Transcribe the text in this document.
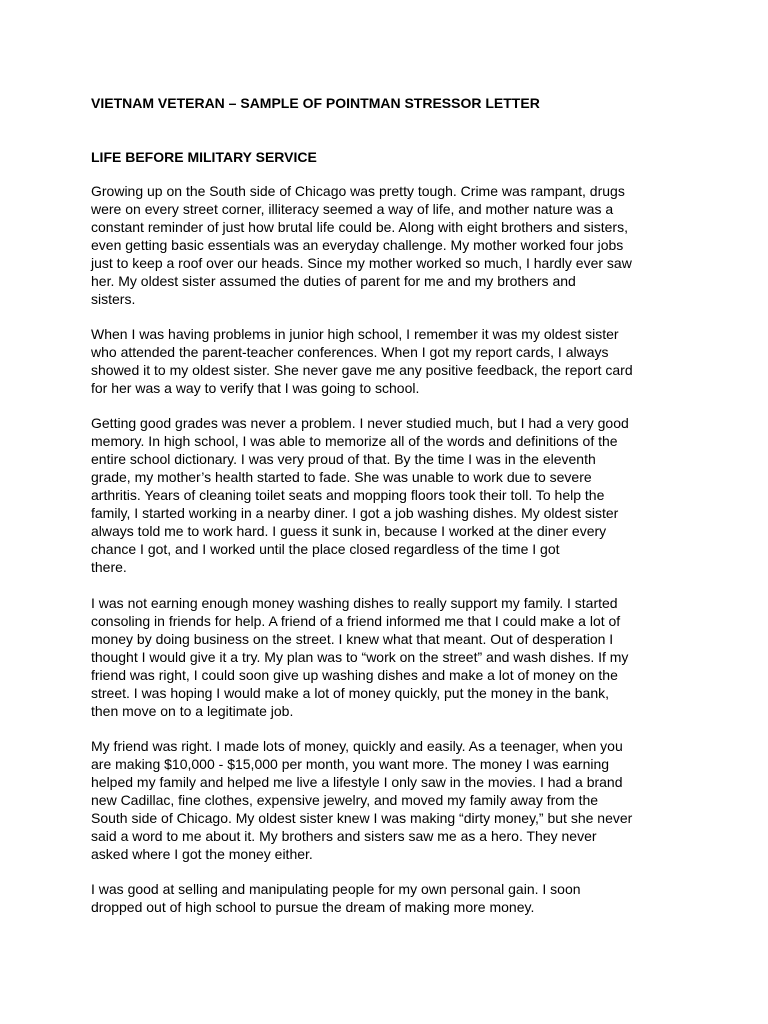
VIETNAM VETERAN – SAMPLE OF POINTMAN STRESSOR LETTER
LIFE BEFORE MILITARY SERVICE

Growing up on the South side of Chicago was pretty tough. Crime was rampant, drugs
were on every street corner, illiteracy seemed a way of life, and mother nature was a
constant reminder of just how brutal life could be. Along with eight brothers and sisters,
even getting basic essentials was an everyday challenge. My mother worked four jobs
just to keep a roof over our heads. Since my mother worked so much, I hardly ever saw
her. My oldest sister assumed the duties of parent for me and my brothers and
sisters.

When I was having problems in junior high school, I remember it was my oldest sister
who attended the parent-teacher conferences. When I got my report cards, I always
showed it to my oldest sister. She never gave me any positive feedback, the report card
for her was a way to verify that I was going to school.

Getting good grades was never a problem. I never studied much, but I had a very good
memory. In high school, I was able to memorize all of the words and definitions of the
entire school dictionary. I was very proud of that. By the time I was in the eleventh
grade, my mother’s health started to fade. She was unable to work due to severe
arthritis. Years of cleaning toilet seats and mopping floors took their toll. To help the
family, I started working in a nearby diner. I got a job washing dishes. My oldest sister
always told me to work hard. I guess it sunk in, because I worked at the diner every
chance I got, and I worked until the place closed regardless of the time I got
there.

I was not earning enough money washing dishes to really support my family. I started
consoling in friends for help. A friend of a friend informed me that I could make a lot of
money by doing business on the street. I knew what that meant. Out of desperation I
thought I would give it a try. My plan was to “work on the street” and wash dishes. If my
friend was right, I could soon give up washing dishes and make a lot of money on the
street. I was hoping I would make a lot of money quickly, put the money in the bank,
then move on to a legitimate job.

My friend was right. I made lots of money, quickly and easily. As a teenager, when you
are making $10,000 - $15,000 per month, you want more. The money I was earning
helped my family and helped me live a lifestyle I only saw in the movies. I had a brand
new Cadillac, fine clothes, expensive jewelry, and moved my family away from the
South side of Chicago. My oldest sister knew I was making “dirty money,” but she never
said a word to me about it. My brothers and sisters saw me as a hero. They never
asked where I got the money either.

I was good at selling and manipulating people for my own personal gain. I soon
dropped out of high school to pursue the dream of making more money.
